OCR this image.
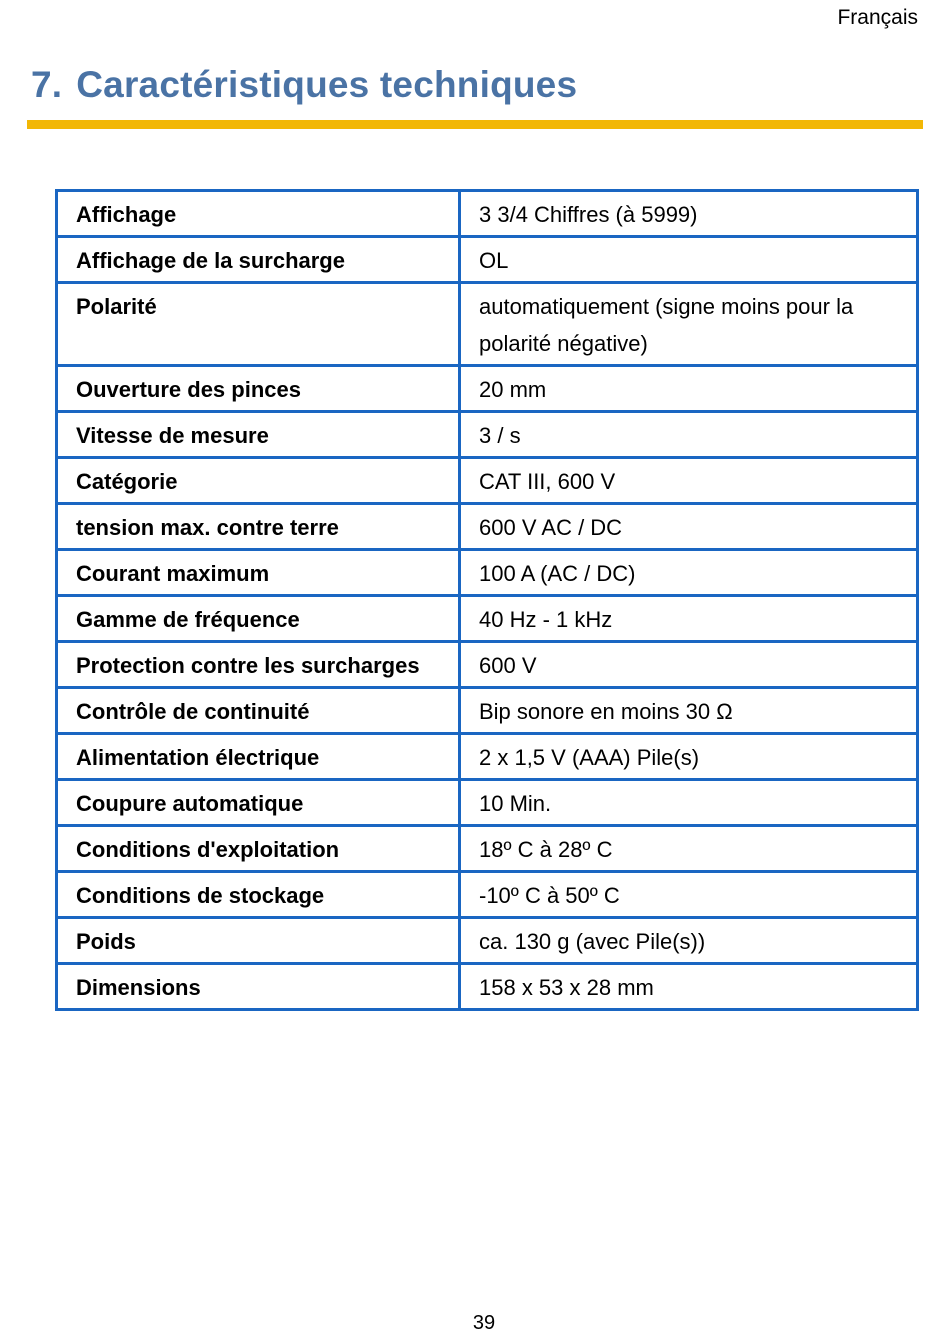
Français
7. Caractéristiques techniques
Affichage	3 3/4 Chiffres (à 5999)
Affichage de la surcharge	OL
Polarité	automatiquement (signe moins pour la polarité négative)
Ouverture des pinces	20 mm
Vitesse de mesure	3 / s
Catégorie	CAT III, 600 V
tension max. contre terre	600 V AC / DC
Courant maximum	100 A (AC / DC)
Gamme de fréquence	40 Hz - 1 kHz
Protection contre les surcharges	600 V
Contrôle de continuité	Bip sonore en moins 30 Ω
Alimentation électrique	2 x 1,5 V (AAA) Pile(s)
Coupure automatique	10 Min.
Conditions d'exploitation	18º C à 28º C
Conditions de stockage	-10º C à 50º C
Poids	ca. 130 g (avec Pile(s))
Dimensions	158 x 53 x 28 mm
39
